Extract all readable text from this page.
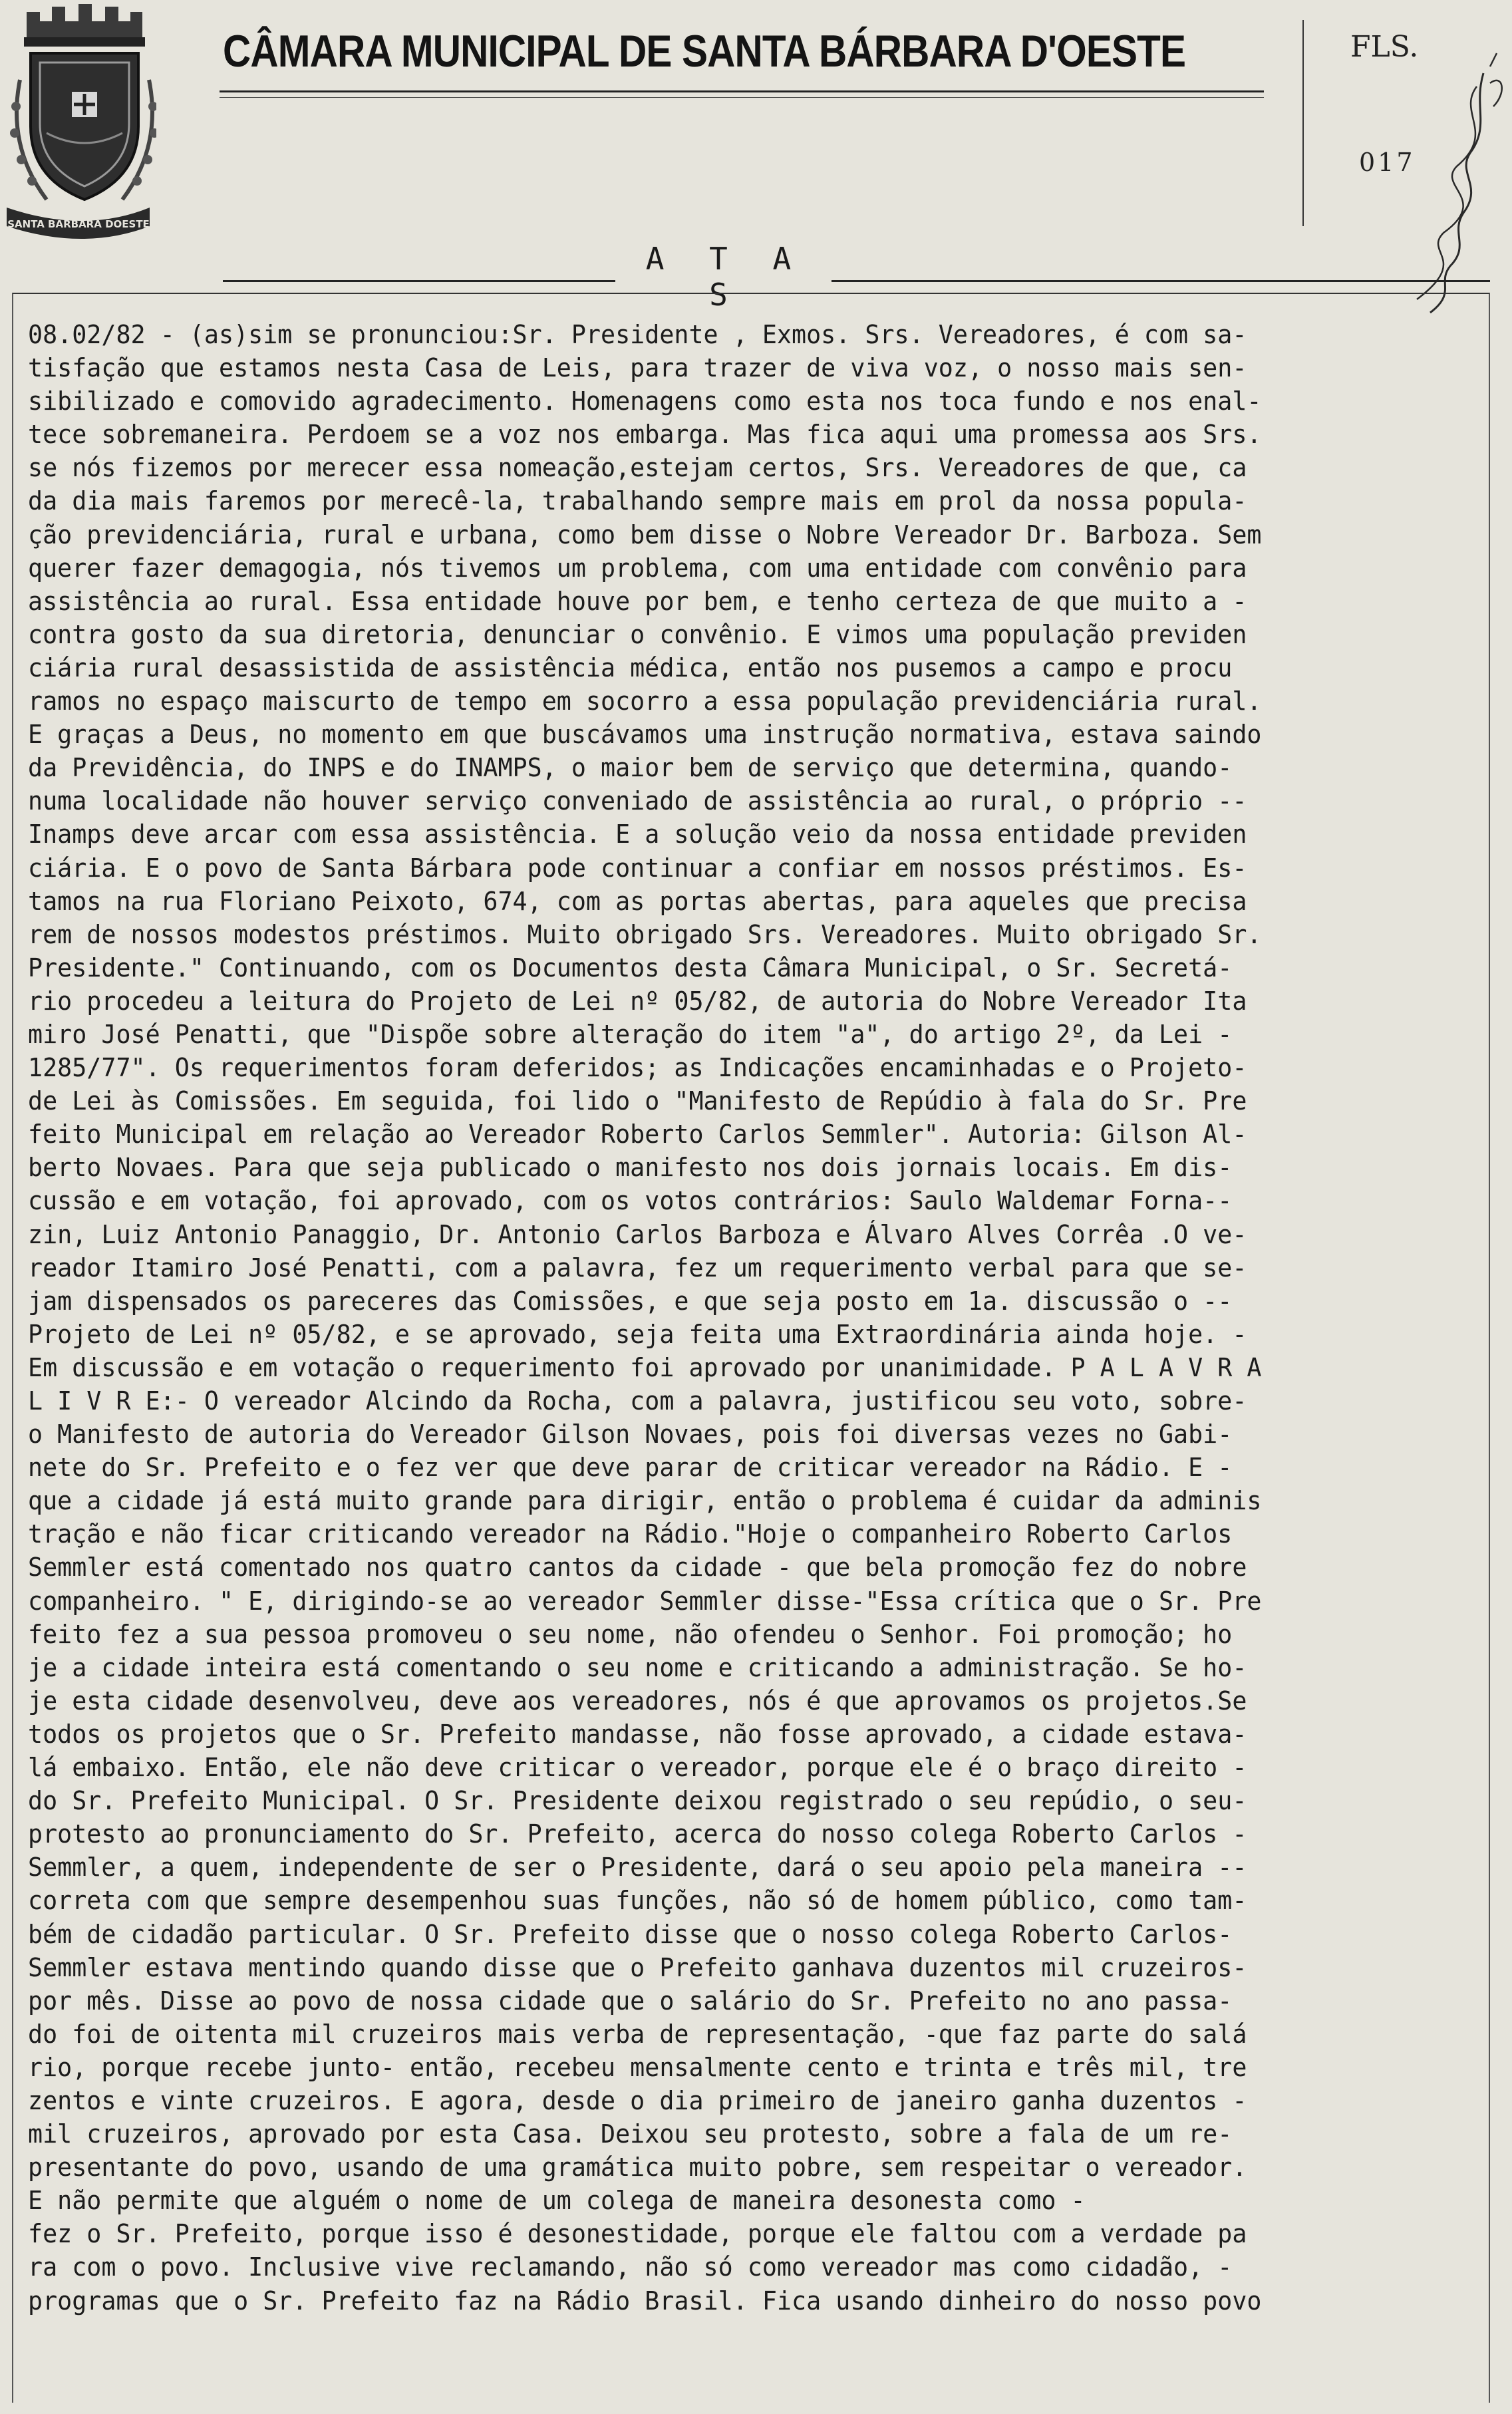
SANTA BARBARA DOESTE
CÂMARA MUNICIPAL DE SANTA BÁRBARA D'OESTE	FLS.
017
A T A S
08.02/82 - (as)sim se pronunciou:Sr. Presidente , Exmos. Srs. Vereadores, é com sa-
tisfação que estamos nesta Casa de Leis, para trazer de viva voz, o nosso mais sen-
sibilizado e comovido agradecimento. Homenagens como esta nos toca fundo e nos enal-
tece sobremaneira. Perdoem se a voz nos embarga. Mas fica aqui uma promessa aos Srs.
se nós fizemos por merecer essa nomeação,estejam certos, Srs. Vereadores de que, ca
da dia mais faremos por merecê-la, trabalhando sempre mais em prol da nossa popula-
ção previdenciária, rural e urbana, como bem disse o Nobre Vereador Dr. Barboza. Sem
querer fazer demagogia, nós tivemos um problema, com uma entidade com convênio para
assistência ao rural. Essa entidade houve por bem, e tenho certeza de que muito a -
contra gosto da sua diretoria, denunciar o convênio. E vimos uma população previden
ciária rural desassistida de assistência médica, então nos pusemos a campo e procu
ramos no espaço maiscurto de tempo em socorro a essa população previdenciária rural.
E graças a Deus, no momento em que buscávamos uma instrução normativa, estava saindo
da Previdência, do INPS e do INAMPS, o maior bem de serviço que determina, quando-
numa localidade não houver serviço conveniado de assistência ao rural, o próprio --
Inamps deve arcar com essa assistência. E a solução veio da nossa entidade previden
ciária. E o povo de Santa Bárbara pode continuar a confiar em nossos préstimos. Es-
tamos na rua Floriano Peixoto, 674, com as portas abertas, para aqueles que precisa
rem de nossos modestos préstimos. Muito obrigado Srs. Vereadores. Muito obrigado Sr.
Presidente." Continuando, com os Documentos desta Câmara Municipal, o Sr. Secretá-
rio procedeu a leitura do Projeto de Lei nº 05/82, de autoria do Nobre Vereador Ita
miro José Penatti, que "Dispõe sobre alteração do item "a", do artigo 2º, da Lei -
1285/77". Os requerimentos foram deferidos; as Indicações encaminhadas e o Projeto-
de Lei às Comissões. Em seguida, foi lido o "Manifesto de Repúdio à fala do Sr. Pre
feito Municipal em relação ao Vereador Roberto Carlos Semmler". Autoria: Gilson Al-
berto Novaes. Para que seja publicado o manifesto nos dois jornais locais. Em dis-
cussão e em votação, foi aprovado, com os votos contrários: Saulo Waldemar Forna--
zin, Luiz Antonio Panaggio, Dr. Antonio Carlos Barboza e Álvaro Alves Corrêa .O ve-
reador Itamiro José Penatti, com a palavra, fez um requerimento verbal para que se-
jam dispensados os pareceres das Comissões, e que seja posto em 1a. discussão o --
Projeto de Lei nº 05/82, e se aprovado, seja feita uma Extraordinária ainda hoje. -
Em discussão e em votação o requerimento foi aprovado por unanimidade. P A L A V R A
L I V R E:- O vereador Alcindo da Rocha, com a palavra, justificou seu voto, sobre-
o Manifesto de autoria do Vereador Gilson Novaes, pois foi diversas vezes no Gabi-
nete do Sr. Prefeito e o fez ver que deve parar de criticar vereador na Rádio. E -
que a cidade já está muito grande para dirigir, então o problema é cuidar da adminis
tração e não ficar criticando vereador na Rádio."Hoje o companheiro Roberto Carlos
Semmler está comentado nos quatro cantos da cidade - que bela promoção fez do nobre
companheiro. " E, dirigindo-se ao vereador Semmler disse-"Essa crítica que o Sr. Pre
feito fez a sua pessoa promoveu o seu nome, não ofendeu o Senhor. Foi promoção; ho
je a cidade inteira está comentando o seu nome e criticando a administração. Se ho-
je esta cidade desenvolveu, deve aos vereadores, nós é que aprovamos os projetos.Se
todos os projetos que o Sr. Prefeito mandasse, não fosse aprovado, a cidade estava-
lá embaixo. Então, ele não deve criticar o vereador, porque ele é o braço direito -
do Sr. Prefeito Municipal. O Sr. Presidente deixou registrado o seu repúdio, o seu-
protesto ao pronunciamento do Sr. Prefeito, acerca do nosso colega Roberto Carlos -
Semmler, a quem, independente de ser o Presidente, dará o seu apoio pela maneira --
correta com que sempre desempenhou suas funções, não só de homem público, como tam-
bém de cidadão particular. O Sr. Prefeito disse que o nosso colega Roberto Carlos-
Semmler estava mentindo quando disse que o Prefeito ganhava duzentos mil cruzeiros-
por mês. Disse ao povo de nossa cidade que o salário do Sr. Prefeito no ano passa-
do foi de oitenta mil cruzeiros mais verba de representação, -que faz parte do salá
rio, porque recebe junto- então, recebeu mensalmente cento e trinta e três mil, tre
zentos e vinte cruzeiros. E agora, desde o dia primeiro de janeiro ganha duzentos -
mil cruzeiros, aprovado por esta Casa. Deixou seu protesto, sobre a fala de um re-
presentante do povo, usando de uma gramática muito pobre, sem respeitar o vereador.
E não permite que alguém o nome de um colega de maneira desonesta como -
fez o Sr. Prefeito, porque isso é desonestidade, porque ele faltou com a verdade pa
ra com o povo. Inclusive vive reclamando, não só como vereador mas como cidadão, -
programas que o Sr. Prefeito faz na Rádio Brasil. Fica usando dinheiro do nosso povo
